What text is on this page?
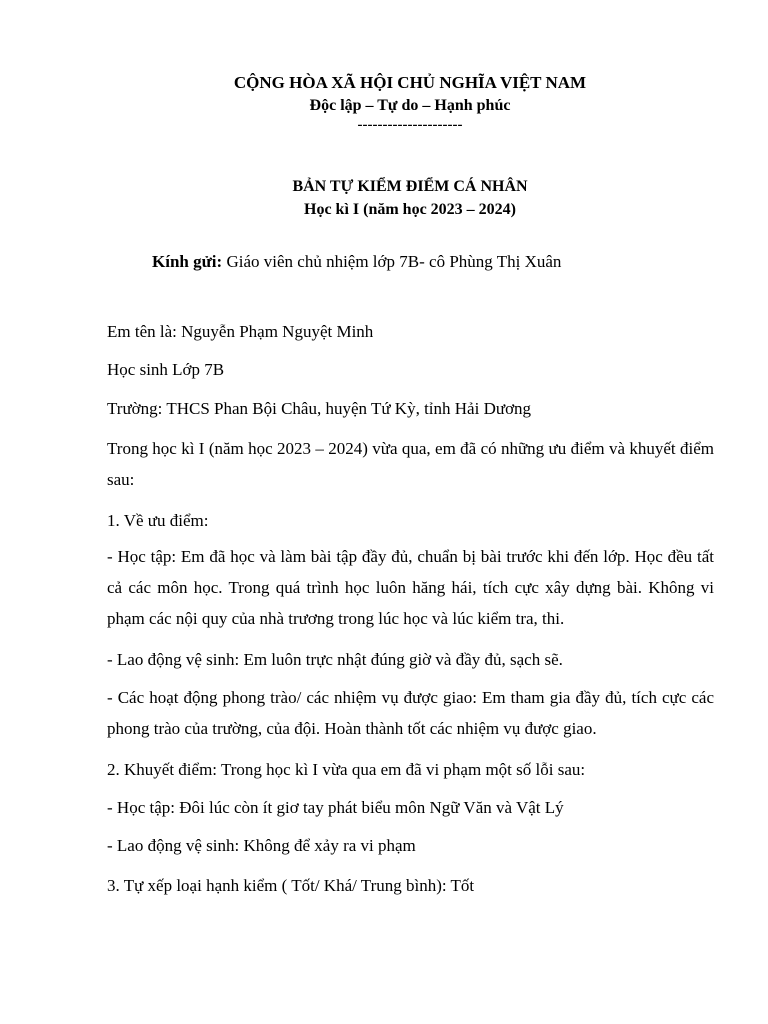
CỘNG HÒA XÃ HỘI CHỦ NGHĨA VIỆT NAM
Độc lập – Tự do – Hạnh phúc
---------------------
BẢN TỰ KIỂM ĐIỂM CÁ NHÂN
Học kì I (năm học 2023 – 2024)
Kính gửi: Giáo viên chủ nhiệm lớp 7B- cô Phùng Thị Xuân
Em tên là: Nguyễn Phạm Nguyệt Minh
Học sinh Lớp 7B
Trường: THCS Phan Bội Châu, huyện Tứ Kỳ, tỉnh Hải Dương
Trong học kì I (năm học 2023 – 2024) vừa qua, em đã có những ưu điểm và khuyết điểm sau:
1. Về ưu điểm:
- Học tập: Em đã học và làm bài tập đầy đủ, chuẩn bị bài trước khi đến lớp. Học đều tất cả các môn học. Trong quá trình học luôn hăng hái, tích cực xây dựng bài. Không vi phạm các nội quy của nhà trương trong lúc học và lúc kiểm tra, thi.
- Lao động vệ sinh: Em luôn trực nhật đúng giờ và đầy đủ, sạch sẽ.
- Các hoạt động phong trào/ các nhiệm vụ được giao: Em tham gia đầy đủ, tích cực các phong trào của trường, của đội. Hoàn thành tốt các nhiệm vụ được giao.
2. Khuyết điểm: Trong học kì I vừa qua em đã vi phạm một số lỗi sau:
- Học tập: Đôi lúc còn ít giơ tay phát biểu môn Ngữ Văn và Vật Lý
- Lao động vệ sinh: Không để xảy ra vi phạm
3. Tự xếp loại hạnh kiểm ( Tốt/ Khá/ Trung bình): Tốt
